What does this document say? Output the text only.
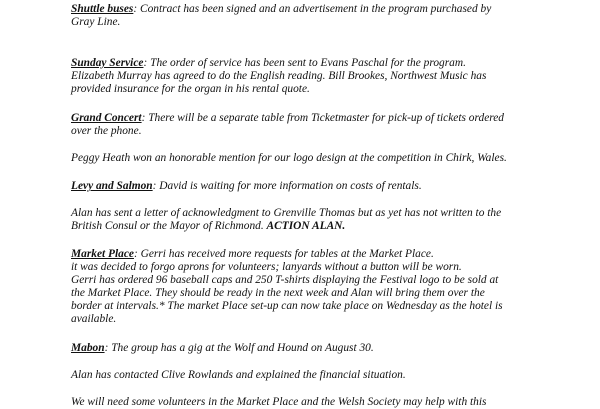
Shuttle buses: Contract has been signed and an advertisement in the program purchased by
Gray Line.

Sunday Service: The order of service has been sent to Evans Paschal for the program.
Elizabeth Murray has agreed to do the English reading. Bill Brookes, Northwest Music has
provided insurance for the organ in his rental quote.

Grand Concert: There will be a separate table from Ticketmaster for pick-up of tickets ordered
over the phone.

Peggy Heath won an honorable mention for our logo design at the competition in Chirk, Wales.

Levy and Salmon: David is waiting for more information on costs of rentals.

Alan has sent a letter of acknowledgment to Grenville Thomas but as yet has not written to the
British Consul or the Mayor of Richmond. ACTION ALAN.

Market Place: Gerri has received more requests for tables at the Market Place.
it was decided to forgo aprons for volunteers; lanyards without a button will be worn.
Gerri has ordered 96 baseball caps and 250 T-shirts displaying the Festival logo to be sold at
the Market Place. They should be ready in the next week and Alan will bring them over the
border at intervals.* The market Place set-up can now take place on Wednesday as the hotel is
available.

Mabon: The group has a gig at the Wolf and Hound on August 30.

Alan has contacted Clive Rowlands and explained the financial situation.

We will need some volunteers in the Market Place and the Welsh Society may help with this
